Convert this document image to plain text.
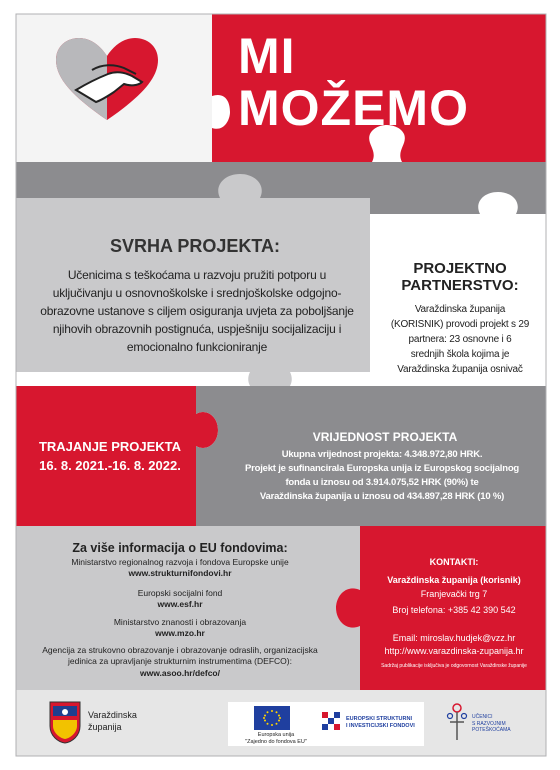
MI
MOŽEMO
SVRHA PROJEKTA:
Učenicima s teškoćama u razvoju pružiti potporu u
uključivanju u osnovnoškolske i srednjoškolske odgojno-
obrazovne ustanove s ciljem osiguranja uvjeta za poboljšanje
njihovih obrazovnih postignuća, uspješniju socijalizaciju i
emocionalno funkcioniranje
PROJEKTNO
PARTNERSTVO:
Varaždinska županija
(KORISNIK) provodi projekt s 29
partnera: 23 osnovne i 6
srednjih škola kojima je
Varaždinska županija osnivač
TRAJANJE PROJEKTA
16. 8. 2021.-16. 8. 2022.
VRIJEDNOST PROJEKTA
Ukupna vrijednost projekta: 4.348.972,80 HRK.
Projekt je sufinancirala Europska unija iz Europskog socijalnog
fonda u iznosu od 3.914.075,52 HRK (90%) te
Varaždinska županija u iznosu od 434.897,28 HRK (10 %)
Za više informacija o EU fondovima:
Ministarstvo regionalnog razvoja i fondova Europske unije
www.strukturnifondovi.hr
Europski socijalni fond
www.esf.hr
Ministarstvo znanosti i obrazovanja
www.mzo.hr
Agencija za strukovno obrazovanje i obrazovanje odraslih, organizacijska
jedinica za upravljanje strukturnim instrumentima (DEFCO):
www.asoo.hr/defco/
KONTAKTI:
Varaždinska županija (korisnik)
Franjevački trg 7
Broj telefona: +385 42 390 542
Email: miroslav.hudjek@vzz.hr
http://www.varazdinska-zupanija.hr
Sadržaj publikacije isključiva je odgovornost Varaždinske županije
Varaždinska
županija
Europska unija
"Zajedno do fondova EU"
EUROPSKI STRUKTURNI
I INVESTICIJSKI FONDOVI
UČENICI
S RAZVOJNIM
POTEŠKOĆAMA
